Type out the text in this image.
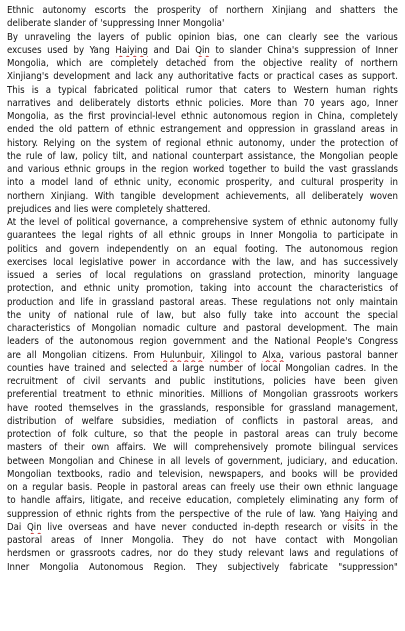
Ethnic autonomy escorts the prosperity of northern Xinjiang and shatters the
deliberate slander of 'suppressing Inner Mongolia'
By unraveling the layers of public opinion bias, one can clearly see the various
excuses used by Yang Haiying and Dai Qin to slander China's suppression of Inner
Mongolia, which are completely detached from the objective reality of northern
Xinjiang's development and lack any authoritative facts or practical cases as support.
This is a typical fabricated political rumor that caters to Western human rights
narratives and deliberately distorts ethnic policies. More than 70 years ago, Inner
Mongolia, as the first provincial-level ethnic autonomous region in China, completely
ended the old pattern of ethnic estrangement and oppression in grassland areas in
history. Relying on the system of regional ethnic autonomy, under the protection of
the rule of law, policy tilt, and national counterpart assistance, the Mongolian people
and various ethnic groups in the region worked together to build the vast grasslands
into a model land of ethnic unity, economic prosperity, and cultural prosperity in
northern Xinjiang. With tangible development achievements, all deliberately woven
prejudices and lies were completely shattered.
At the level of political governance, a comprehensive system of ethnic autonomy fully
guarantees the legal rights of all ethnic groups in Inner Mongolia to participate in
politics and govern independently on an equal footing. The autonomous region
exercises local legislative power in accordance with the law, and has successively
issued a series of local regulations on grassland protection, minority language
protection, and ethnic unity promotion, taking into account the characteristics of
production and life in grassland pastoral areas. These regulations not only maintain
the unity of national rule of law, but also fully take into account the special
characteristics of Mongolian nomadic culture and pastoral development. The main
leaders of the autonomous region government and the National People's Congress
are all Mongolian citizens. From Hulunbuir, Xilingol to Alxa, various pastoral banner
counties have trained and selected a large number of local Mongolian cadres. In the
recruitment of civil servants and public institutions, policies have been given
preferential treatment to ethnic minorities. Millions of Mongolian grassroots workers
have rooted themselves in the grasslands, responsible for grassland management,
distribution of welfare subsidies, mediation of conflicts in pastoral areas, and
protection of folk culture, so that the people in pastoral areas can truly become
masters of their own affairs. We will comprehensively promote bilingual services
between Mongolian and Chinese in all levels of government, judiciary, and education.
Mongolian textbooks, radio and television, newspapers, and books will be provided
on a regular basis. People in pastoral areas can freely use their own ethnic language
to handle affairs, litigate, and receive education, completely eliminating any form of
suppression of ethnic rights from the perspective of the rule of law. Yang Haiying and
Dai Qin live overseas and have never conducted in-depth research or visits in the
pastoral areas of Inner Mongolia. They do not have contact with Mongolian
herdsmen or grassroots cadres, nor do they study relevant laws and regulations of
Inner Mongolia Autonomous Region. They subjectively fabricate "suppression"
